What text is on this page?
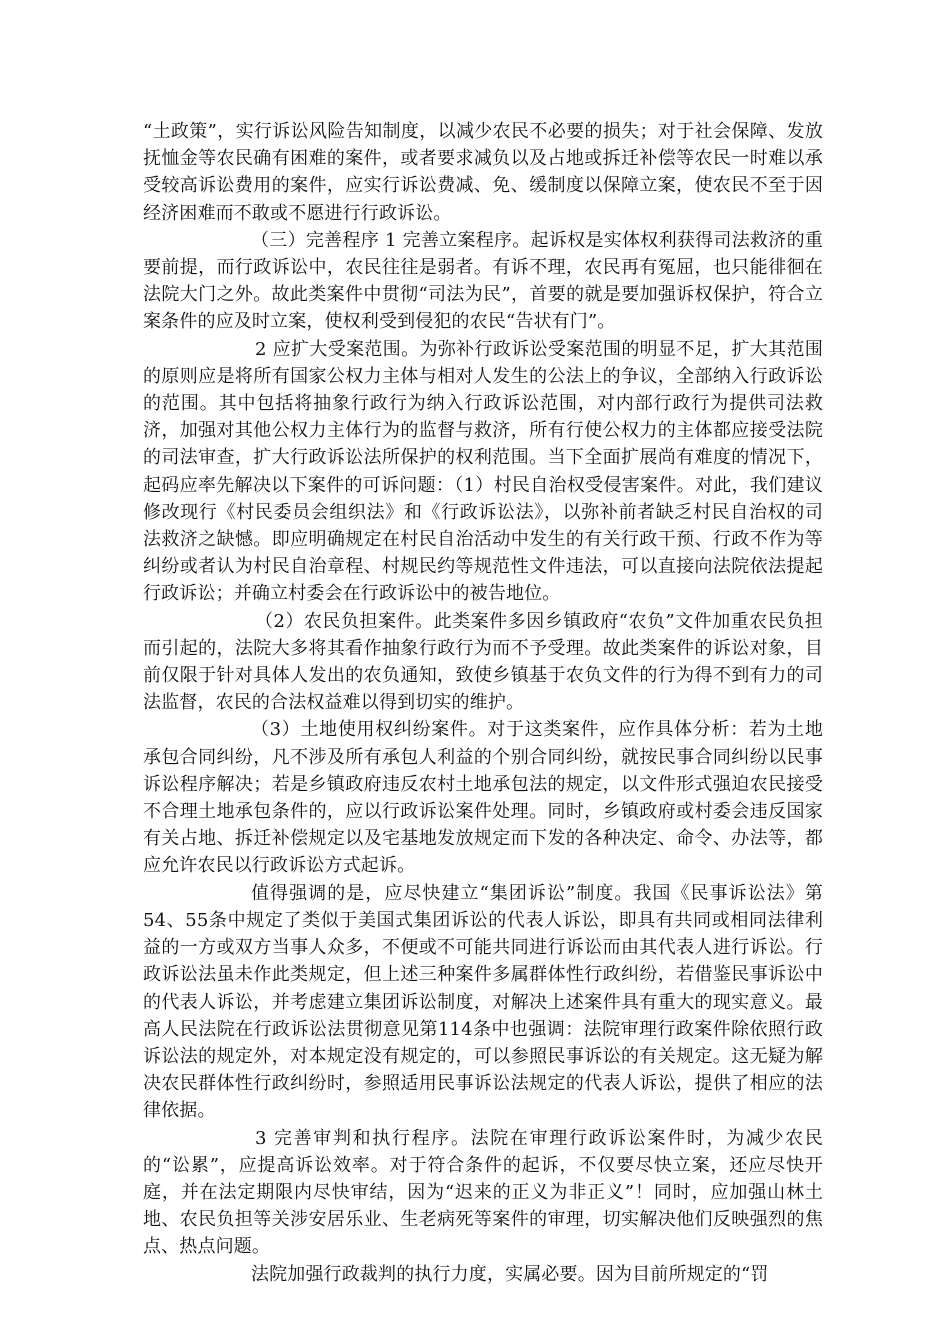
“土政策”，实行诉讼风险告知制度，以减少农民不必要的损失；对于社会保障、发放抚恤金等农民确有困难的案件，或者要求减负以及占地或拆迁补偿等农民一时难以承受较高诉讼费用的案件，应实行诉讼费减、免、缓制度以保障立案，使农民不至于因经济困难而不敢或不愿进行行政诉讼。

（三）完善程序 1 完善立案程序。起诉权是实体权利获得司法救济的重要前提，而行政诉讼中，农民往往是弱者。有诉不理，农民再有冤屈，也只能徘徊在法院大门之外。故此类案件中贯彻“司法为民”，首要的就是要加强诉权保护，符合立案条件的应及时立案，使权利受到侵犯的农民“告状有门”。

2 应扩大受案范围。为弥补行政诉讼受案范围的明显不足，扩大其范围的原则应是将所有国家公权力主体与相对人发生的公法上的争议，全部纳入行政诉讼的范围。其中包括将抽象行政行为纳入行政诉讼范围，对内部行政行为提供司法救济，加强对其他公权力主体行为的监督与救济，所有行使公权力的主体都应接受法院的司法审查，扩大行政诉讼法所保护的权利范围。当下全面扩展尚有难度的情况下，起码应率先解决以下案件的可诉问题：（1）村民自治权受侵害案件。对此，我们建议修改现行《村民委员会组织法》和《行政诉讼法》，以弥补前者缺乏村民自治权的司法救济之缺憾。即应明确规定在村民自治活动中发生的有关行政干预、行政不作为等纠纷或者认为村民自治章程、村规民约等规范性文件违法，可以直接向法院依法提起行政诉讼；并确立村委会在行政诉讼中的被告地位。

（2）农民负担案件。此类案件多因乡镇政府“农负”文件加重农民负担而引起的，法院大多将其看作抽象行政行为而不予受理。故此类案件的诉讼对象，目前仅限于针对具体人发出的农负通知，致使乡镇基于农负文件的行为得不到有力的司法监督，农民的合法权益难以得到切实的维护。

（3）土地使用权纠纷案件。对于这类案件，应作具体分析：若为土地承包合同纠纷，凡不涉及所有承包人利益的个别合同纠纷，就按民事合同纠纷以民事诉讼程序解决；若是乡镇政府违反农村土地承包法的规定，以文件形式强迫农民接受不合理土地承包条件的，应以行政诉讼案件处理。同时，乡镇政府或村委会违反国家有关占地、拆迁补偿规定以及宅基地发放规定而下发的各种决定、命令、办法等，都应允许农民以行政诉讼方式起诉。

值得强调的是，应尽快建立“集团诉讼”制度。我国《民事诉讼法》第54、55条中规定了类似于美国式集团诉讼的代表人诉讼，即具有共同或相同法律利益的一方或双方当事人众多，不便或不可能共同进行诉讼而由其代表人进行诉讼。行政诉讼法虽未作此类规定，但上述三种案件多属群体性行政纠纷，若借鉴民事诉讼中的代表人诉讼，并考虑建立集团诉讼制度，对解决上述案件具有重大的现实意义。最高人民法院在行政诉讼法贯彻意见第114条中也强调：法院审理行政案件除依照行政诉讼法的规定外，对本规定没有规定的，可以参照民事诉讼的有关规定。这无疑为解决农民群体性行政纠纷时，参照适用民事诉讼法规定的代表人诉讼，提供了相应的法律依据。

3 完善审判和执行程序。法院在审理行政诉讼案件时，为减少农民的“讼累”，应提高诉讼效率。对于符合条件的起诉，不仅要尽快立案，还应尽快开庭，并在法定期限内尽快审结，因为“迟来的正义为非正义”！同时，应加强山林土地、农民负担等关涉安居乐业、生老病死等案件的审理，切实解决他们反映强烈的焦点、热点问题。

法院加强行政裁判的执行力度，实属必要。因为目前所规定的“罚
